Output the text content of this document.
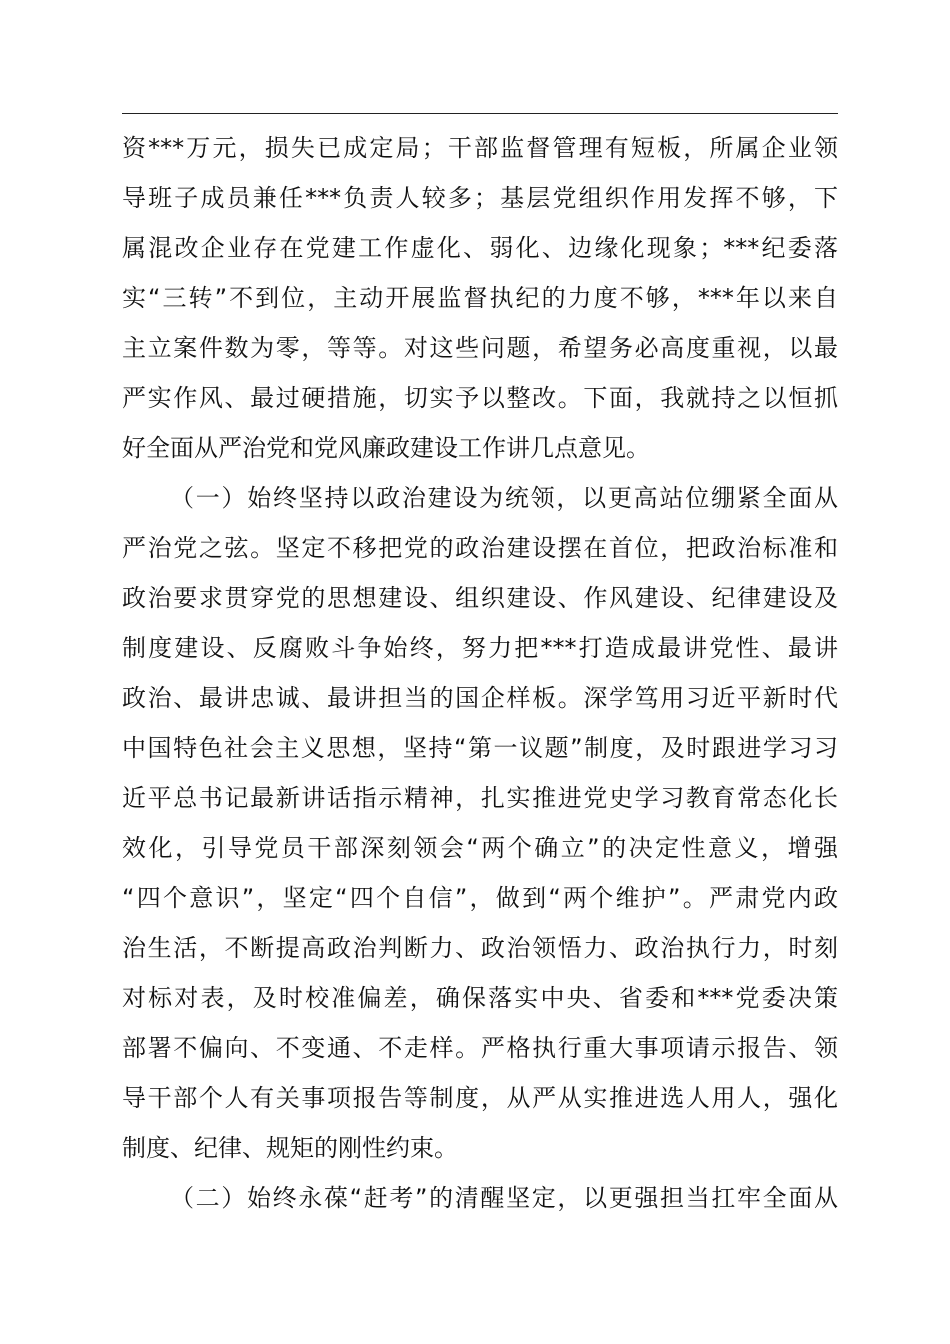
资***万元，损失已成定局；干部监督管理有短板，所属企业领
导班子成员兼任***负责人较多；基层党组织作用发挥不够，下
属混改企业存在党建工作虚化、弱化、边缘化现象；***纪委落
实“三转”不到位，主动开展监督执纪的力度不够，***年以来自
主立案件数为零，等等。对这些问题，希望务必高度重视，以最
严实作风、最过硬措施，切实予以整改。下面，我就持之以恒抓
好全面从严治党和党风廉政建设工作讲几点意见。
（一）始终坚持以政治建设为统领，以更高站位绷紧全面从
严治党之弦。坚定不移把党的政治建设摆在首位，把政治标准和
政治要求贯穿党的思想建设、组织建设、作风建设、纪律建设及
制度建设、反腐败斗争始终，努力把***打造成最讲党性、最讲
政治、最讲忠诚、最讲担当的国企样板。深学笃用习近平新时代
中国特色社会主义思想，坚持“第一议题”制度，及时跟进学习习
近平总书记最新讲话指示精神，扎实推进党史学习教育常态化长
效化，引导党员干部深刻领会“两个确立”的决定性意义，增强
“四个意识”，坚定“四个自信”，做到“两个维护”。严肃党内政
治生活，不断提高政治判断力、政治领悟力、政治执行力，时刻
对标对表，及时校准偏差，确保落实中央、省委和***党委决策
部署不偏向、不变通、不走样。严格执行重大事项请示报告、领
导干部个人有关事项报告等制度，从严从实推进选人用人，强化
制度、纪律、规矩的刚性约束。
（二）始终永葆“赶考”的清醒坚定，以更强担当扛牢全面从
